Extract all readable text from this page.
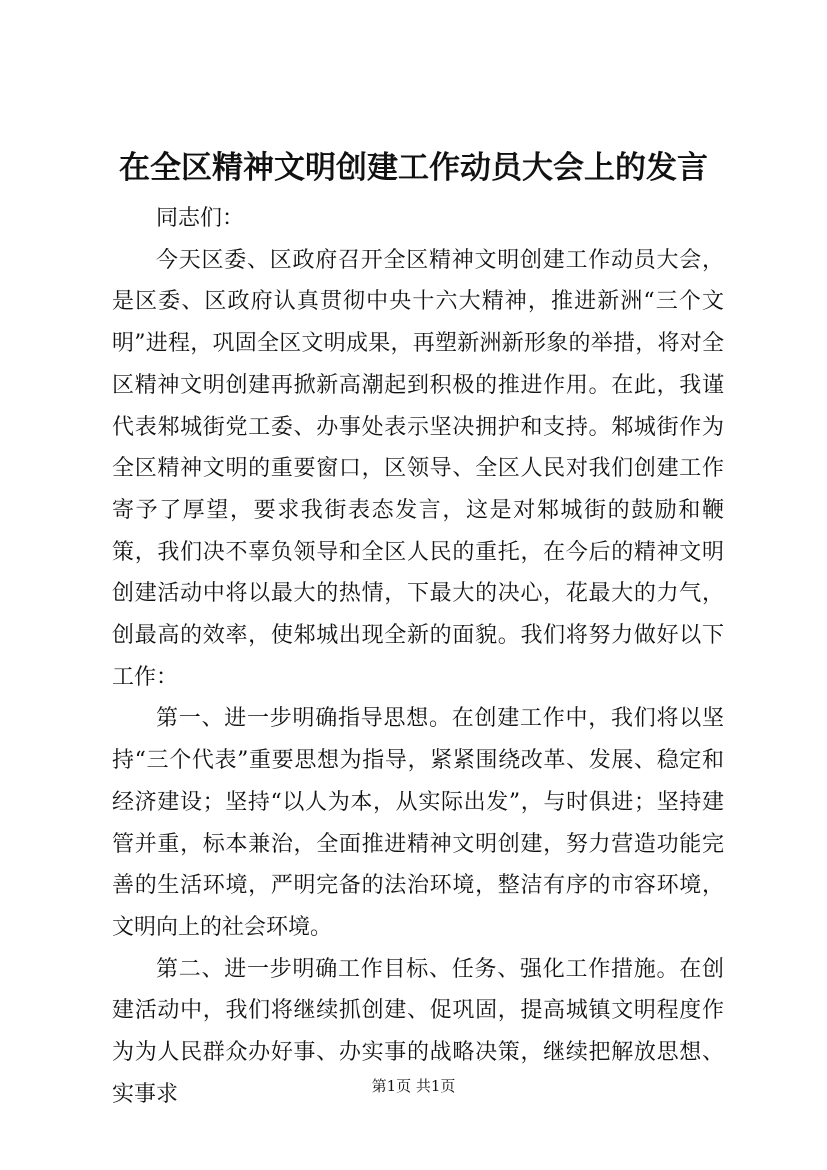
在全区精神文明创建工作动员大会上的发言

同志们：

今天区委、区政府召开全区精神文明创建工作动员大会，是区委、区政府认真贯彻中央十六大精神，推进新洲“三个文明”进程，巩固全区文明成果，再塑新洲新形象的举措，将对全区精神文明创建再掀新高潮起到积极的推进作用。在此，我谨代表邾城街党工委、办事处表示坚决拥护和支持。邾城街作为全区精神文明的重要窗口，区领导、全区人民对我们创建工作寄予了厚望，要求我街表态发言，这是对邾城街的鼓励和鞭策，我们决不辜负领导和全区人民的重托，在今后的精神文明创建活动中将以最大的热情，下最大的决心，花最大的力气，创最高的效率，使邾城出现全新的面貌。我们将努力做好以下工作：

第一、进一步明确指导思想。在创建工作中，我们将以坚持“三个代表”重要思想为指导，紧紧围绕改革、发展、稳定和经济建设；坚持“以人为本，从实际出发”，与时俱进；坚持建管并重，标本兼治，全面推进精神文明创建，努力营造功能完善的生活环境，严明完备的法治环境，整洁有序的市容环境，文明向上的社会环境。

第二、进一步明确工作目标、任务、强化工作措施。在创建活动中，我们将继续抓创建、促巩固，提高城镇文明程度作为为人民群众办好事、办实事的战略决策，继续把解放思想、实事求	第1页 共1页
